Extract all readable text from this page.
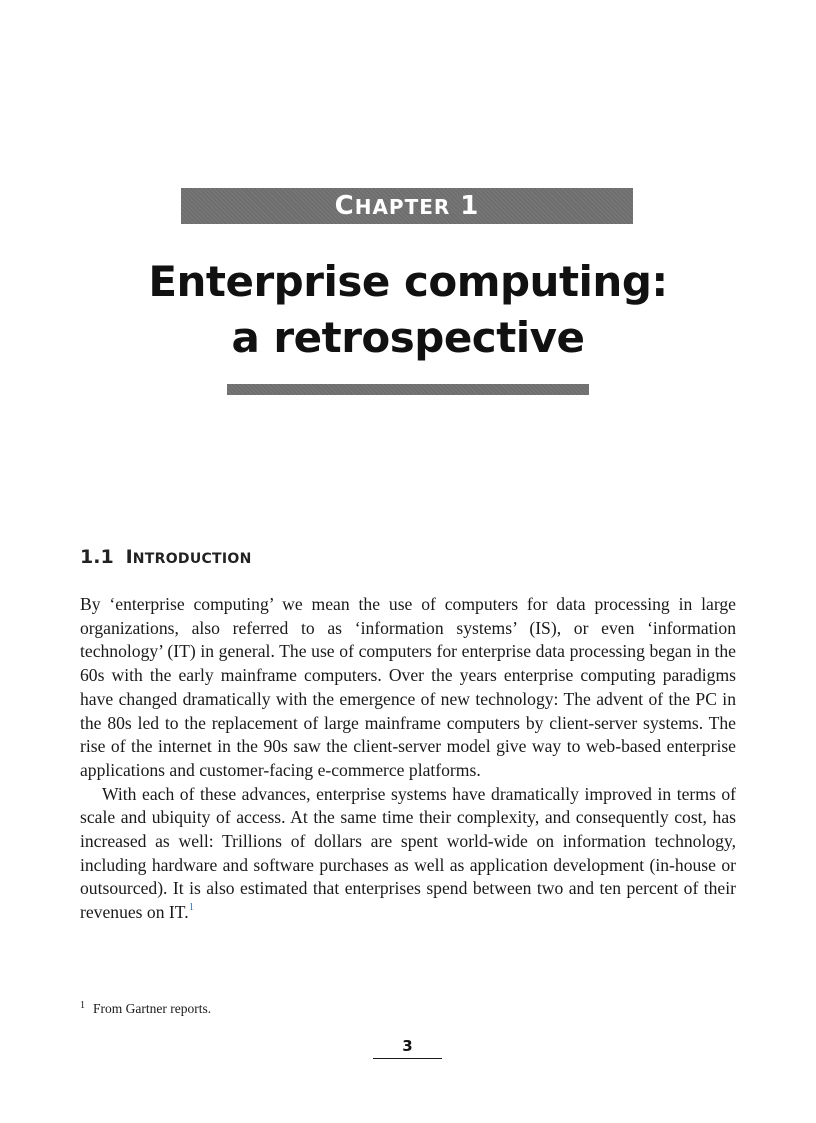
C HAPTER 1
Enterprise computing:
a retrospective
1.1 I NTRODUCTION

By ‘enterprise computing’ we mean the use of computers for data processing in large organizations, also referred to as ‘information systems’ (IS), or even ‘information technology’ (IT) in general. The use of computers for enterprise data processing began in the 60s with the early mainframe computers. Over the years enterprise computing paradigms have changed dramatically with the emergence of new technology: The advent of the PC in the 80s led to the replacement of large mainframe computers by client-server systems. The rise of the internet in the 90s saw the client-server model give way to web-based enterprise applications and customer-facing e-commerce platforms.

With each of these advances, enterprise systems have dramatically improved in terms of scale and ubiquity of access. At the same time their complexity, and consequently cost, has increased as well: Trillions of dollars are spent world-wide on information technology, including hardware and software purchases as well as application development (in-house or outsourced). It is also estimated that enterprises spend between two and ten percent of their revenues on IT.$^1$

$^1$ From Gartner reports.
3
